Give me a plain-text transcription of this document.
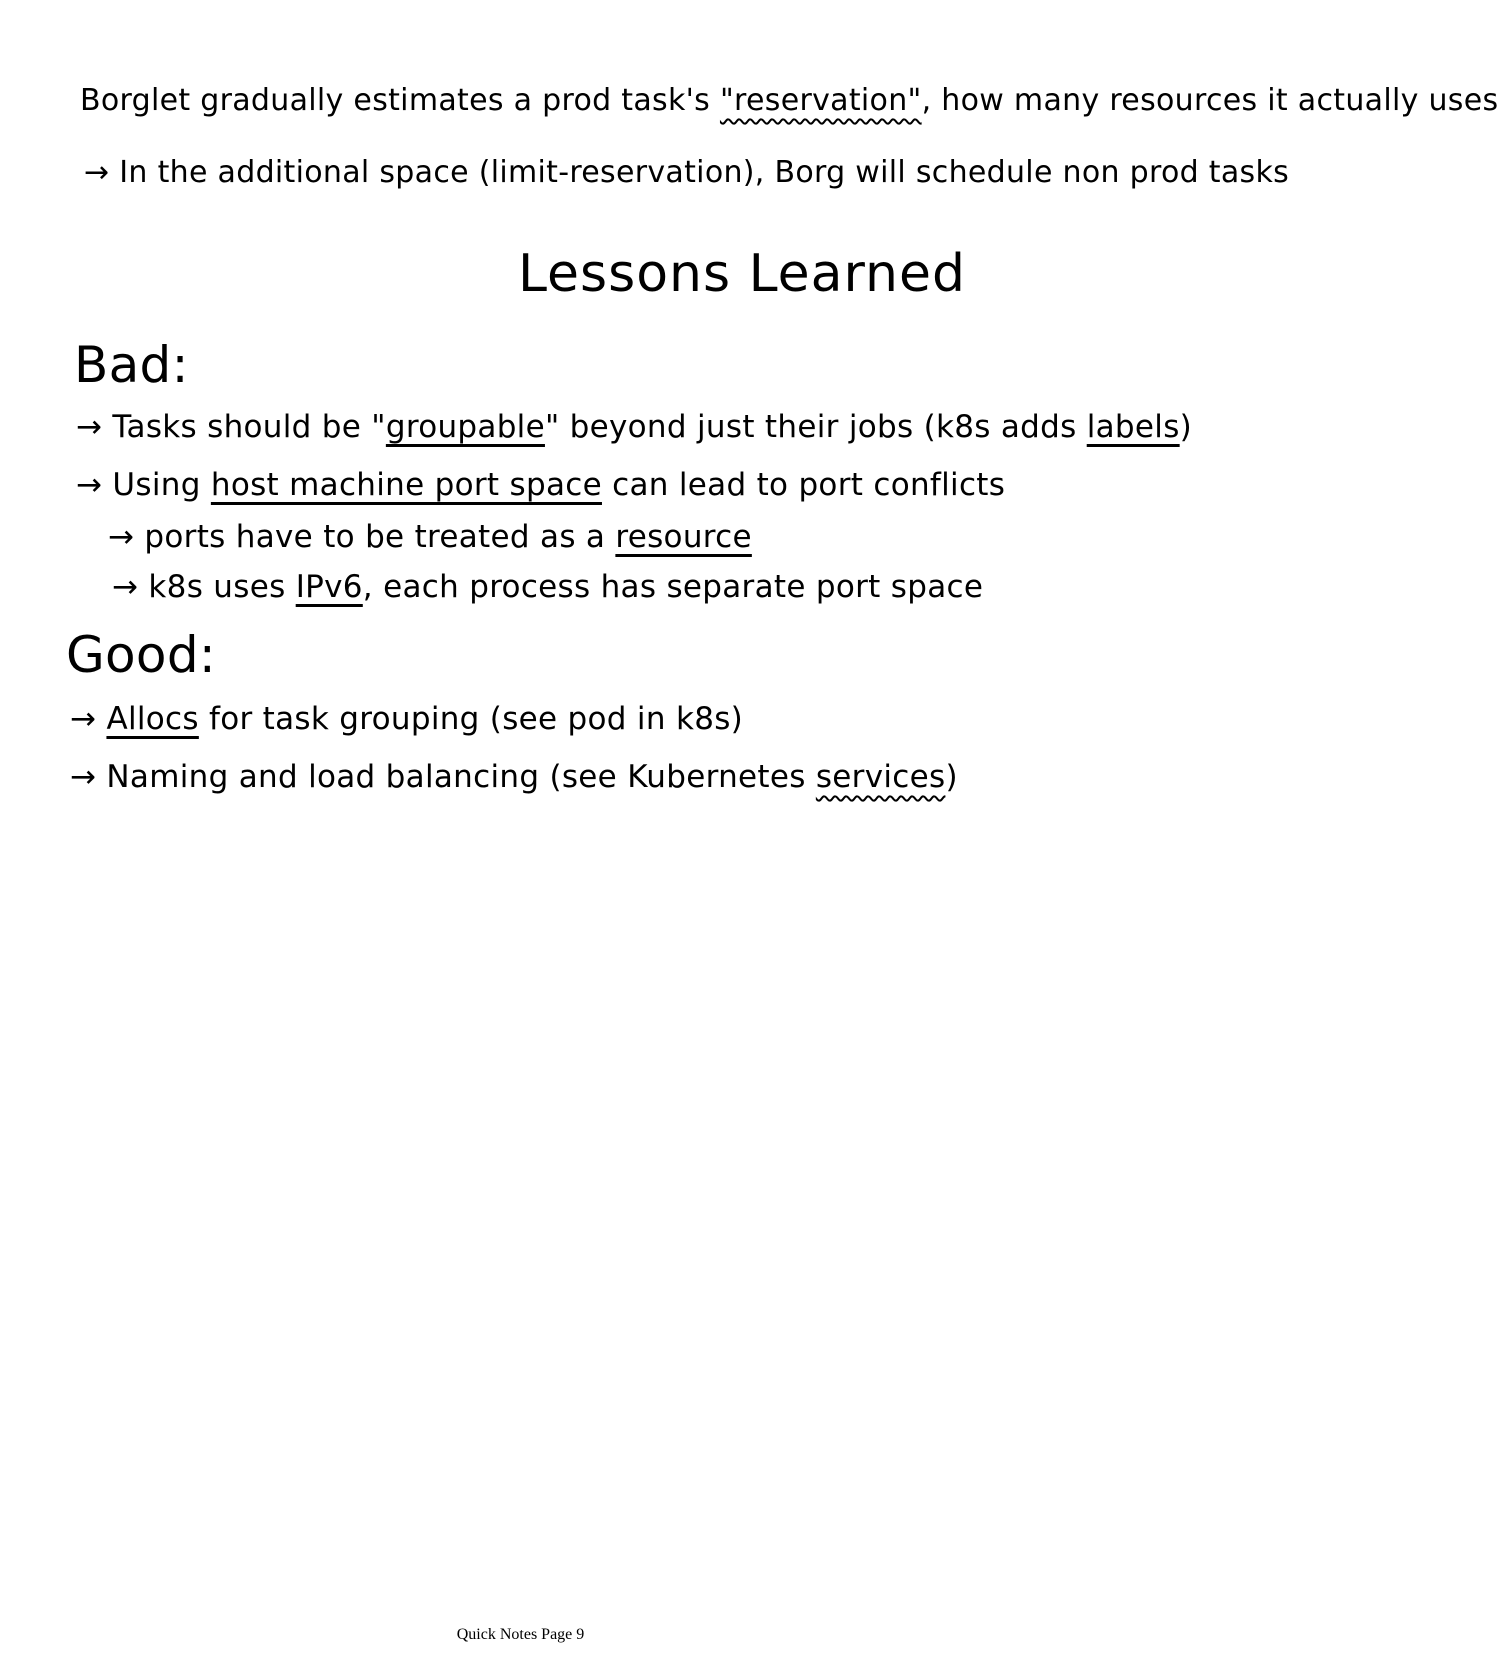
Borglet gradually estimates a prod task's "reservation", how many resources it actually uses
→ In the additional space (limit-reservation), Borg will schedule non prod tasks
Lessons Learned
Bad:
→ Tasks should be "groupable" beyond just their jobs (k8s adds labels)
→ Using host machine port space can lead to port conflicts
→ ports have to be treated as a resource
→ k8s uses IPv6, each process has separate port space
Good:
→ Allocs for task grouping (see pod in k8s)
→ Naming and load balancing (see Kubernetes services)
Quick Notes Page 9
